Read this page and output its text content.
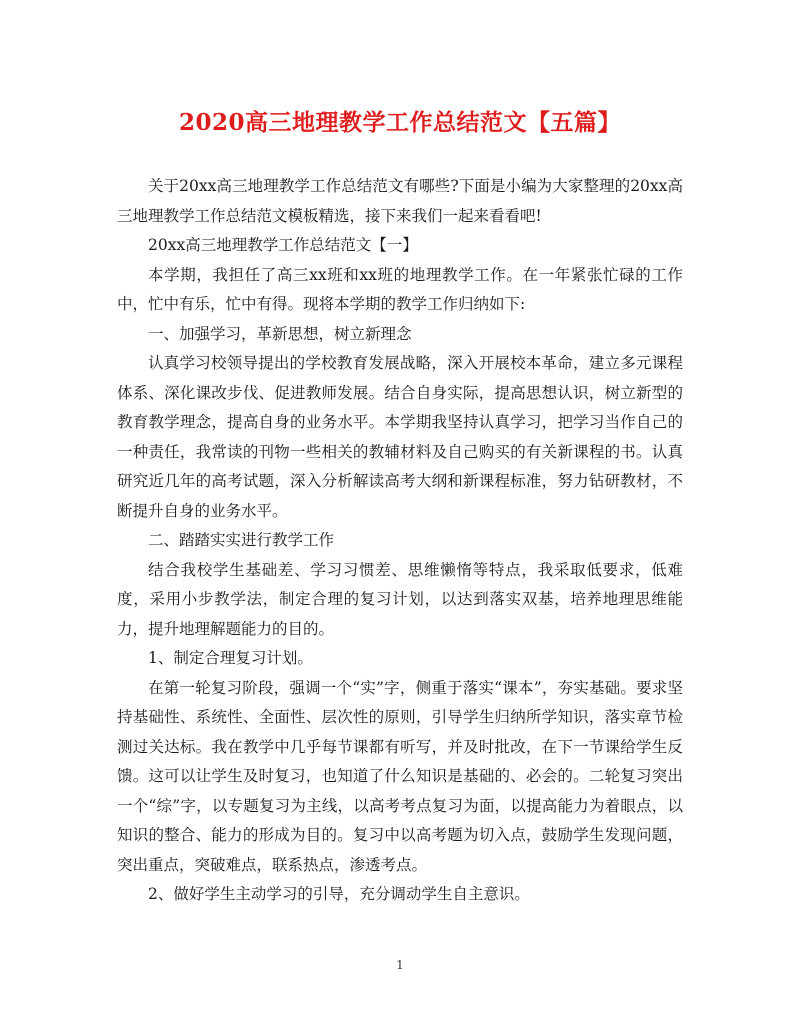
2020高三地理教学工作总结范文【五篇】

关于20xx高三地理教学工作总结范文有哪些?下面是小编为大家整理的20xx高三地理教学工作总结范文模板精选，接下来我们一起来看看吧!

20xx高三地理教学工作总结范文【一】

本学期，我担任了高三xx班和xx班的地理教学工作。在一年紧张忙碌的工作中，忙中有乐，忙中有得。现将本学期的教学工作归纳如下:

一、加强学习，革新思想，树立新理念

认真学习校领导提出的学校教育发展战略，深入开展校本革命，建立多元课程体系、深化课改步伐、促进教师发展。结合自身实际，提高思想认识，树立新型的教育教学理念，提高自身的业务水平。本学期我坚持认真学习，把学习当作自己的一种责任，我常读的刊物一些相关的教辅材料及自己购买的有关新课程的书。认真研究近几年的高考试题，深入分析解读高考大纲和新课程标准，努力钻研教材，不断提升自身的业务水平。

二、踏踏实实进行教学工作

结合我校学生基础差、学习习惯差、思维懒惰等特点，我采取低要求，低难度，采用小步教学法，制定合理的复习计划，以达到落实双基，培养地理思维能力，提升地理解题能力的目的。

1、制定合理复习计划。

在第一轮复习阶段，强调一个“实”字，侧重于落实“课本”，夯实基础。要求坚持基础性、系统性、全面性、层次性的原则，引导学生归纳所学知识，落实章节检测过关达标。我在教学中几乎每节课都有听写，并及时批改，在下一节课给学生反馈。这可以让学生及时复习，也知道了什么知识是基础的、必会的。二轮复习突出一个“综”字，以专题复习为主线，以高考考点复习为面，以提高能力为着眼点，以知识的整合、能力的形成为目的。复习中以高考题为切入点，鼓励学生发现问题，突出重点，突破难点，联系热点，渗透考点。

2、做好学生主动学习的引导，充分调动学生自主意识。

1
